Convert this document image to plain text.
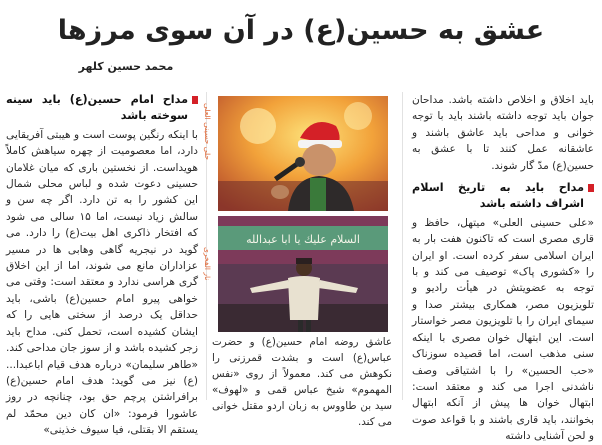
عشق به حسین(ع) در آن سوی مرزها
محمد حسین کلهر

باید اخلاق و اخلاص داشته باشد. مداحان جوان باید توجه داشته باشند باید با توجه خوانی و مداحی باید عاشق باشند و عاشقانه عمل کنند تا با عشق به حسین(ع) مدّ گار شوند.

مداح باید به تاریخ اسلام اشراف داشته باشد

«علی حسینی العلی» میتهل، حافظ و قاری مصری است که تاکنون هفت بار به ایران اسلامی سفر کرده است. او ایران را «کشوری پاک» توصیف می کند و با توجه به عضویتش در هیأت رادیو و تلویزیون مصر، همکاری بیشتر صدا و سیمای ایران را با تلویزیون مصر خواستار است. این ابتهال خوان مصری با اینکه سنی مذهب است، اما قصیده سوزناک «حب الحسین» را با اشتیاقی وصف ناشدنی اجرا می کند و معتقد است: ابتهال خوان ها پیش از آنکه ابتهال بخوانند، باید قاری باشند و با قواعد صوت و لحن آشنایی داشته

السلام عليك يا ابا عبدالله
حلی حسینی العلی
نار الفخری
عاشق روضه امام حسین(ع) و حضرت عباس(ع) است و بشدت قمرزنی را نکوهش می کند. معمولاً از روی «نفس المهموم» شیخ عباس قمی و «لهوف» سید بن طاووس به زبان اردو مقتل خوانی می کند.

مداح امام حسین(ع) باید سینه سوخته باشد

با اینکه رنگین پوست است و هیبتی آفریقایی دارد، اما معصومیت از چهره سیاهش کاملاً هویداست. از نخستین باری که میان غلامان حسینی دعوت شده و لباس محلی شمال این کشور را به تن دارد. اگر چه سن و سالش زیاد نیست، اما ۱۵ سالی می شود که افتخار ذاکری اهل بیت(ع) را دارد. می گوید در نیجریه گاهی وهابی ها در مسیر عزاداران مانع می شوند، اما از این اخلاق گری هراسی ندارد و معتقد است: وقتی می خواهی پیرو امام حسین(ع) باشی، باید حداقل یک درصد از سختی هایی را که ایشان کشیده است، تحمل کنی. مداح باید زجر کشیده باشد و از سوز جان مداحی کند. «طاهر سلیمان» درباره هدف قیام اباعبدا... (ع) نیز می گوید: هدف امام حسین(ع) برافراشتن پرچم حق بود، چنانچه در روز عاشورا فرمود: «ان کان دین محمّد لم یستقم الا بقتلی، فیا سیوف خذینی»
